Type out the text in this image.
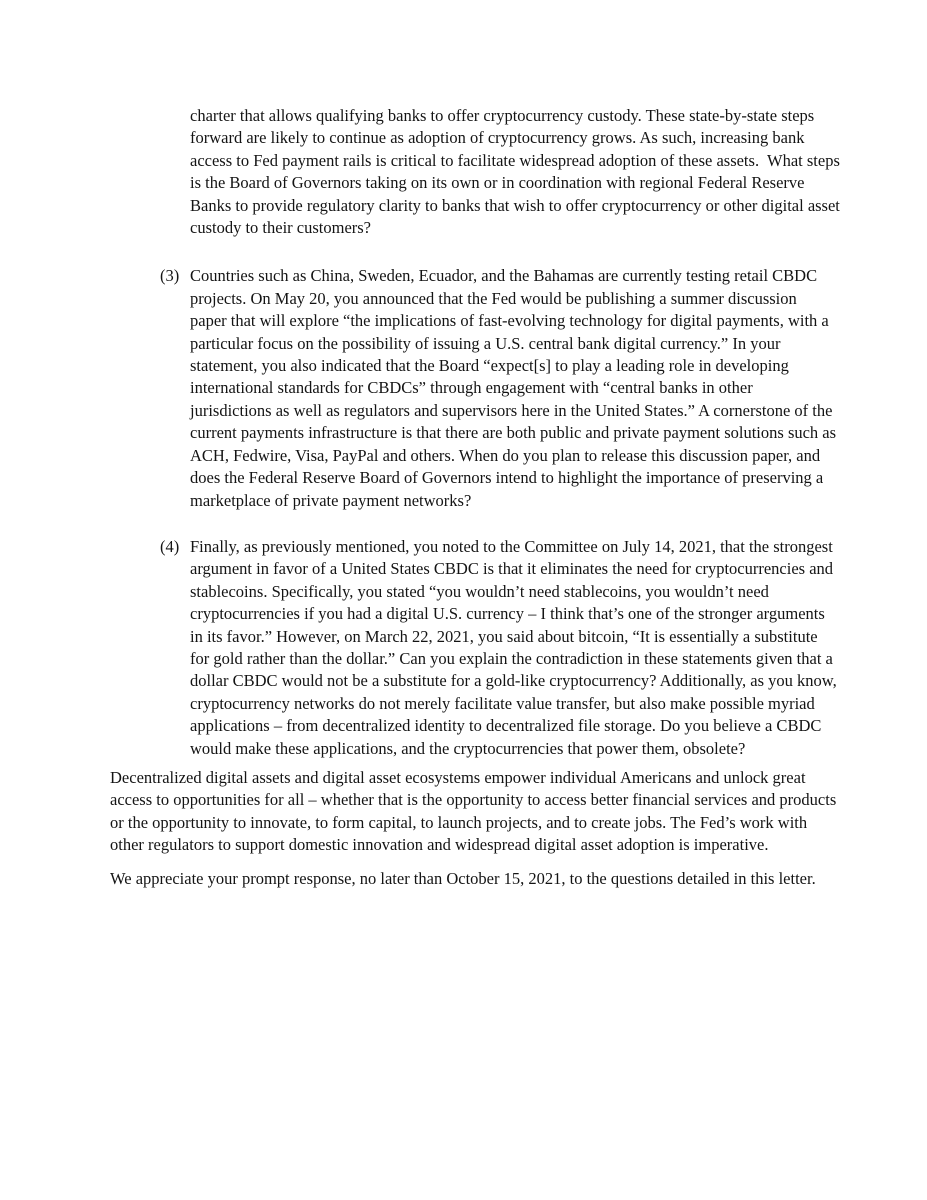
charter that allows qualifying banks to offer cryptocurrency custody. These state-by-state steps forward are likely to continue as adoption of cryptocurrency grows. As such, increasing bank access to Fed payment rails is critical to facilitate widespread adoption of these assets.  What steps is the Board of Governors taking on its own or in coordination with regional Federal Reserve Banks to provide regulatory clarity to banks that wish to offer cryptocurrency or other digital asset custody to their customers?

(3) Countries such as China, Sweden, Ecuador, and the Bahamas are currently testing retail CBDC projects. On May 20, you announced that the Fed would be publishing a summer discussion paper that will explore “the implications of fast-evolving technology for digital payments, with a particular focus on the possibility of issuing a U.S. central bank digital currency.” In your statement, you also indicated that the Board “expect[s] to play a leading role in developing international standards for CBDCs” through engagement with “central banks in other jurisdictions as well as regulators and supervisors here in the United States.” A cornerstone of the current payments infrastructure is that there are both public and private payment solutions such as ACH, Fedwire, Visa, PayPal and others. When do you plan to release this discussion paper, and does the Federal Reserve Board of Governors intend to highlight the importance of preserving a marketplace of private payment networks?

(4) Finally, as previously mentioned, you noted to the Committee on July 14, 2021, that the strongest argument in favor of a United States CBDC is that it eliminates the need for cryptocurrencies and stablecoins. Specifically, you stated “you wouldn’t need stablecoins, you wouldn’t need cryptocurrencies if you had a digital U.S. currency – I think that’s one of the stronger arguments in its favor.” However, on March 22, 2021, you said about bitcoin, “It is essentially a substitute for gold rather than the dollar.” Can you explain the contradiction in these statements given that a dollar CBDC would not be a substitute for a gold-like cryptocurrency? Additionally, as you know, cryptocurrency networks do not merely facilitate value transfer, but also make possible myriad applications – from decentralized identity to decentralized file storage. Do you believe a CBDC would make these applications, and the cryptocurrencies that power them, obsolete?

Decentralized digital assets and digital asset ecosystems empower individual Americans and unlock great access to opportunities for all – whether that is the opportunity to access better financial services and products or the opportunity to innovate, to form capital, to launch projects, and to create jobs. The Fed’s work with other regulators to support domestic innovation and widespread digital asset adoption is imperative.

We appreciate your prompt response, no later than October 15, 2021, to the questions detailed in this letter.
